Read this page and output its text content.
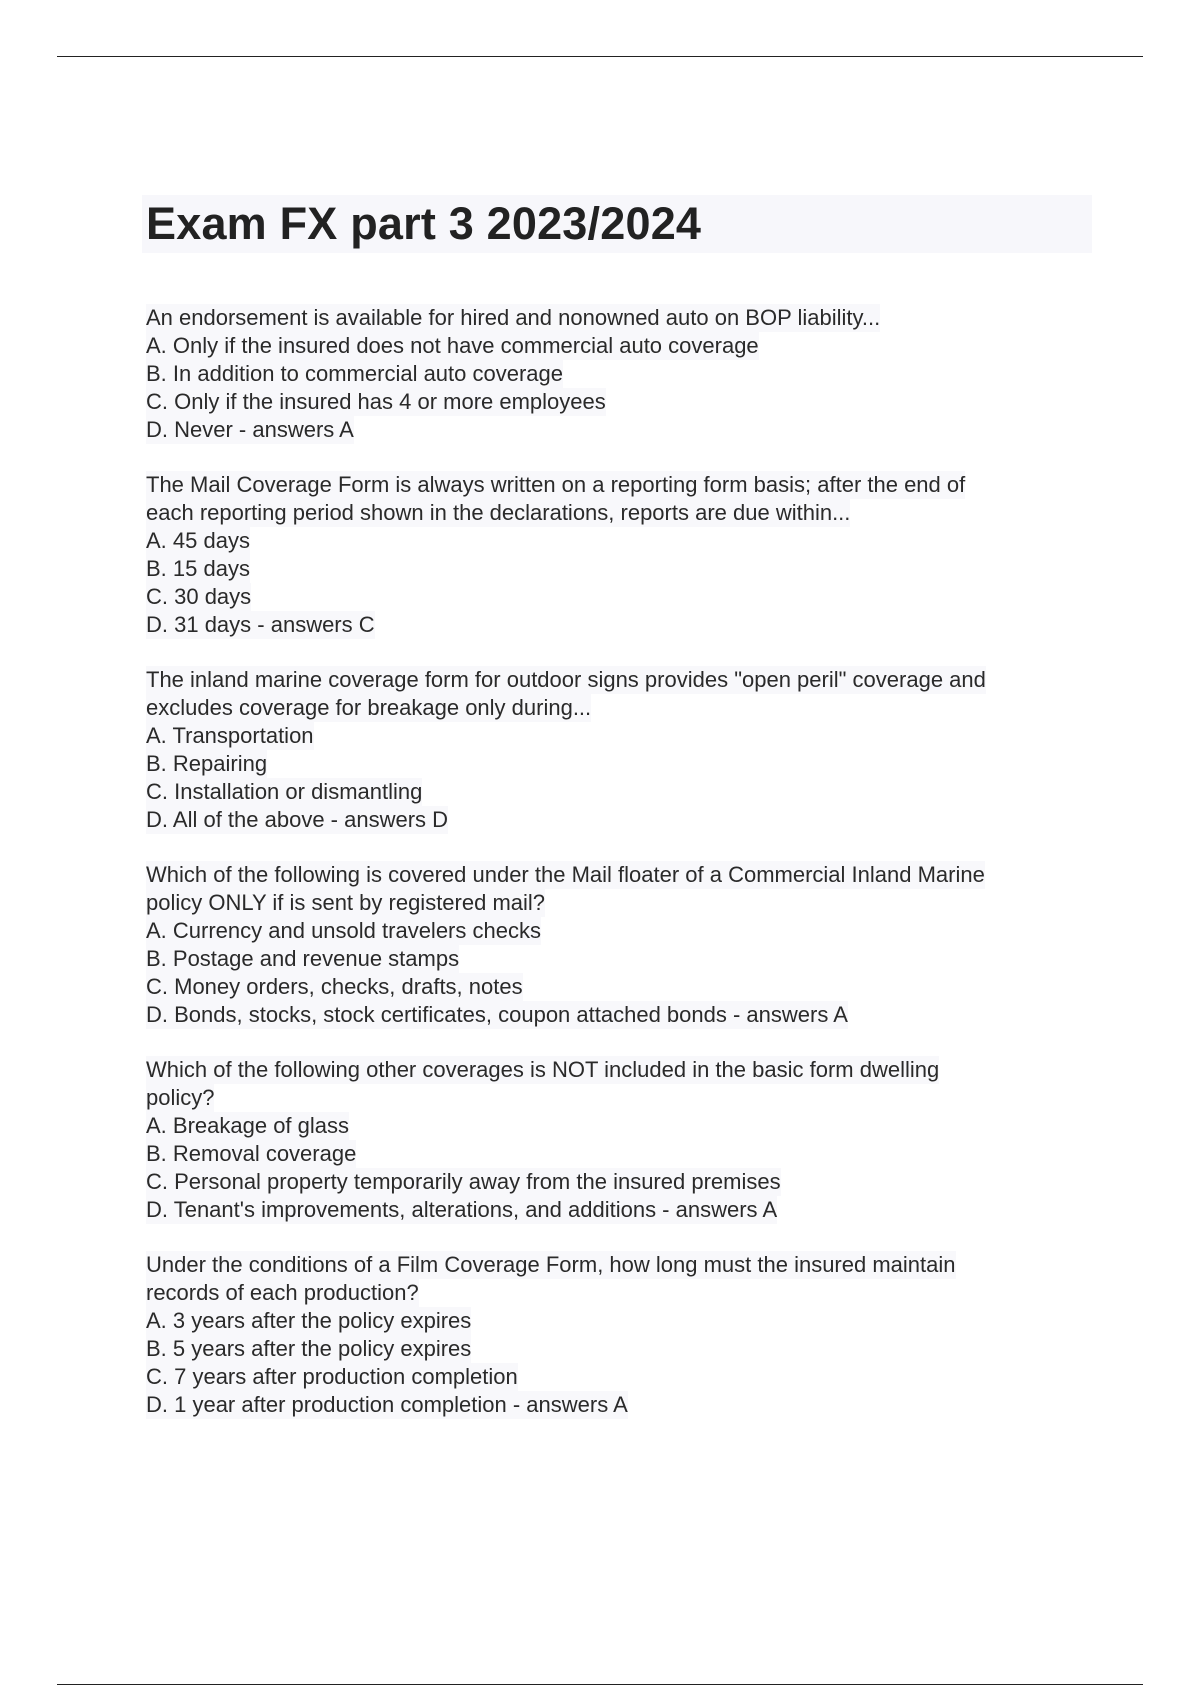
Exam FX part 3 2023/2024
An endorsement is available for hired and nonowned auto on BOP liability...
A. Only if the insured does not have commercial auto coverage
B. In addition to commercial auto coverage
C. Only if the insured has 4 or more employees
D. Never - answers A
The Mail Coverage Form is always written on a reporting form basis; after the end of
each reporting period shown in the declarations, reports are due within...
A. 45 days
B. 15 days
C. 30 days
D. 31 days - answers C
The inland marine coverage form for outdoor signs provides "open peril" coverage and
excludes coverage for breakage only during...
A. Transportation
B. Repairing
C. Installation or dismantling
D. All of the above - answers D
Which of the following is covered under the Mail floater of a Commercial Inland Marine
policy ONLY if is sent by registered mail?
A. Currency and unsold travelers checks
B. Postage and revenue stamps
C. Money orders, checks, drafts, notes
D. Bonds, stocks, stock certificates, coupon attached bonds - answers A
Which of the following other coverages is NOT included in the basic form dwelling
policy?
A. Breakage of glass
B. Removal coverage
C. Personal property temporarily away from the insured premises
D. Tenant's improvements, alterations, and additions - answers A
Under the conditions of a Film Coverage Form, how long must the insured maintain
records of each production?
A. 3 years after the policy expires
B. 5 years after the policy expires
C. 7 years after production completion
D. 1 year after production completion - answers A
